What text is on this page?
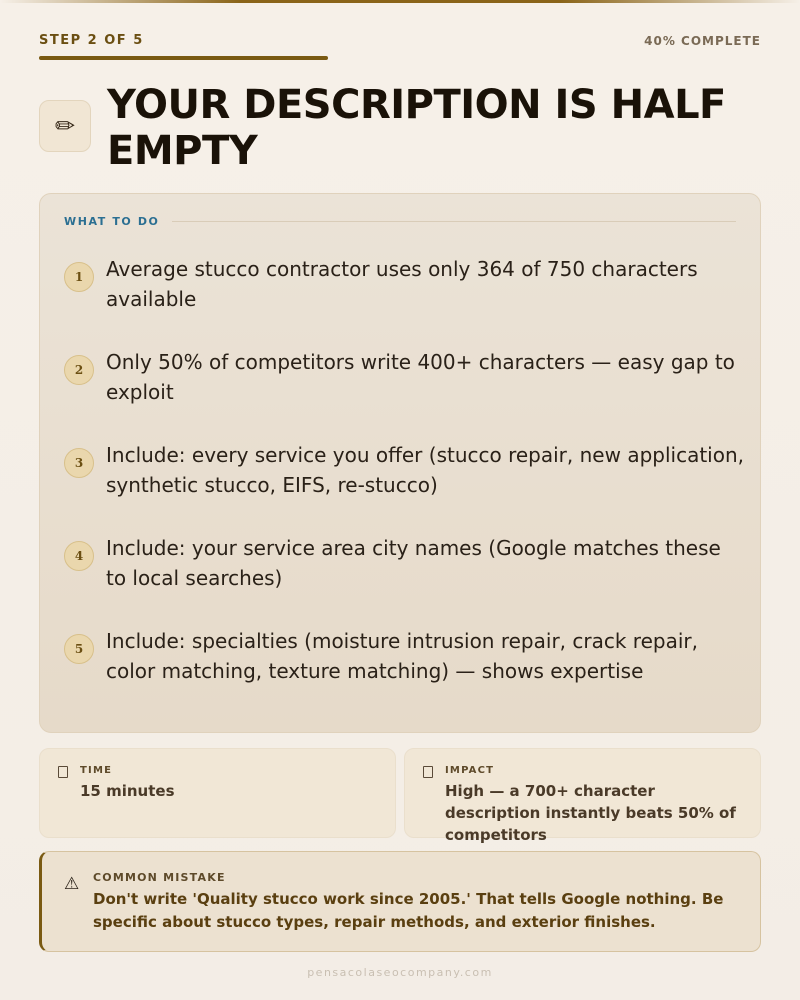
STEP 2 OF 5	40% COMPLETE
✏ YOUR DESCRIPTION IS HALF EMPTY
WHAT TO DO
1	Average stucco contractor uses only 364 of 750 characters available
2	Only 50% of competitors write 400+ characters — easy gap to exploit
3	Include: every service you offer (stucco repair, new application, synthetic stucco, EIFS, re-stucco)
4	Include: your service area city names (Google matches these to local searches)
5	Include: specialties (moisture intrusion repair, crack repair, color matching, texture matching) — shows expertise
TIME
15 minutes
IMPACT
High — a 700+ character description instantly beats 50% of competitors
⚠ COMMON MISTAKE
Don't write 'Quality stucco work since 2005.' That tells Google nothing. Be specific about stucco types, repair methods, and exterior finishes.
pensacolaseocompany.com
